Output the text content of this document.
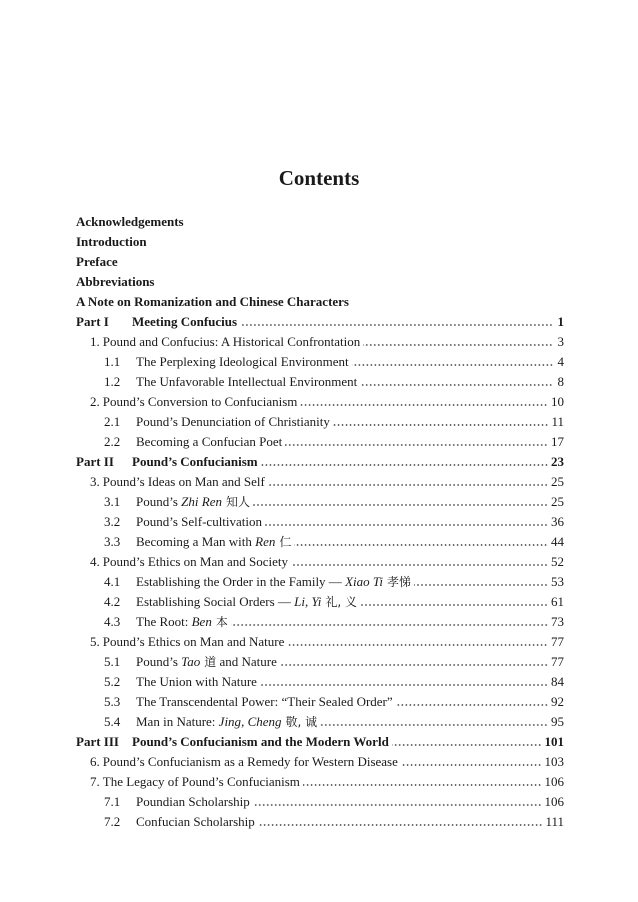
Contents
Acknowledgements
Introduction
Preface
Abbreviations
A Note on Romanization and Chinese Characters
Part I	Meeting Confucius	1
1. Pound and Confucius: A Historical Confrontation	3
1.1	The Perplexing Ideological Environment	4
1.2	The Unfavorable Intellectual Environment	8
2. Pound’s Conversion to Confucianism	10
2.1	Pound’s Denunciation of Christianity	11
2.2	Becoming a Confucian Poet	17
Part II	Pound’s Confucianism	23
3. Pound’s Ideas on Man and Self	25
3.1	Pound’s Zhi Ren 知人	25
3.2	Pound’s Self-cultivation	36
3.3	Becoming a Man with Ren 仁	44
4. Pound’s Ethics on Man and Society	52
4.1	Establishing the Order in the Family — Xiao Ti 孝悌	53
4.2	Establishing Social Orders — Li, Yi 礼, 义	61
4.3	The Root: Ben 本	73
5. Pound’s Ethics on Man and Nature	77
5.1	Pound’s Tao 道 and Nature	77
5.2	The Union with Nature	84
5.3	The Transcendental Power: “Their Sealed Order”	92
5.4	Man in Nature: Jing, Cheng 敬, 诚	95
Part III	Pound’s Confucianism and the Modern World	101
6. Pound’s Confucianism as a Remedy for Western Disease	103
7. The Legacy of Pound’s Confucianism	106
7.1	Poundian Scholarship	106
7.2	Confucian Scholarship	111
